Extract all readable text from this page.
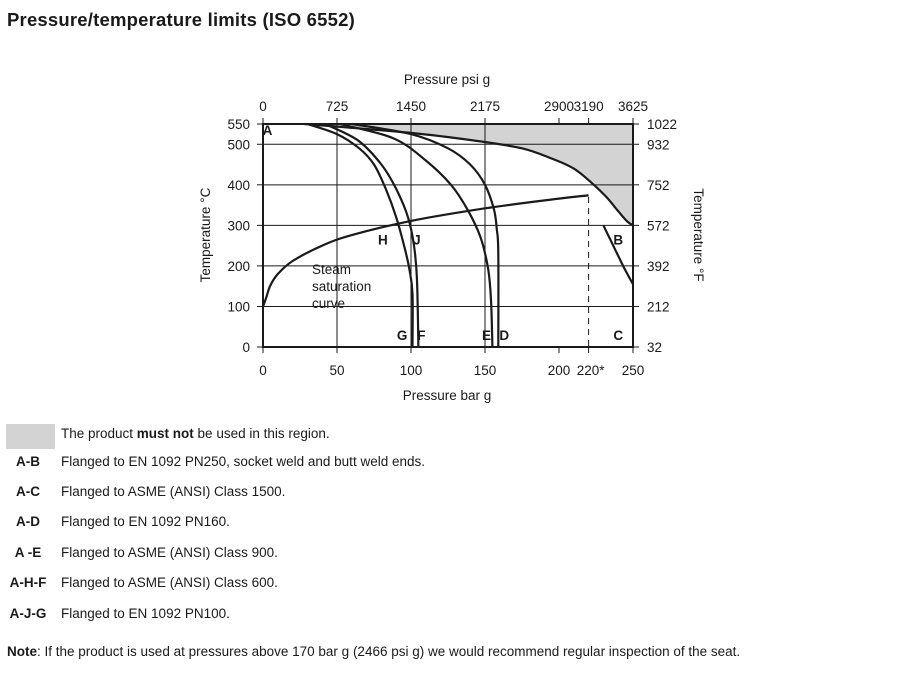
Pressure/temperature limits (ISO 6552)
0	50	100	150	200 220* 250
0	725	1450	2175	2900 3190 3625
0
100
200
300
400
500
550
32
212
392
572
752
932
1022
A
B
C
H J
G F	E D
Pressure psi g
Pressure bar g
Temperature °C	Temperature °F
Steam
saturation
curve
The product must not be used in this region.
A-B	Flanged to EN 1092 PN250, socket weld and butt weld ends.
A-C	Flanged to ASME (ANSI) Class 1500.
A-D	Flanged to EN 1092 PN160.
A -E	Flanged to ASME (ANSI) Class 900.
A-H-F	Flanged to ASME (ANSI) Class 600.
A-J-G	Flanged to EN 1092 PN100.
Note: If the product is used at pressures above 170 bar g (2466 psi g) we would recommend regular inspection of the seat.
